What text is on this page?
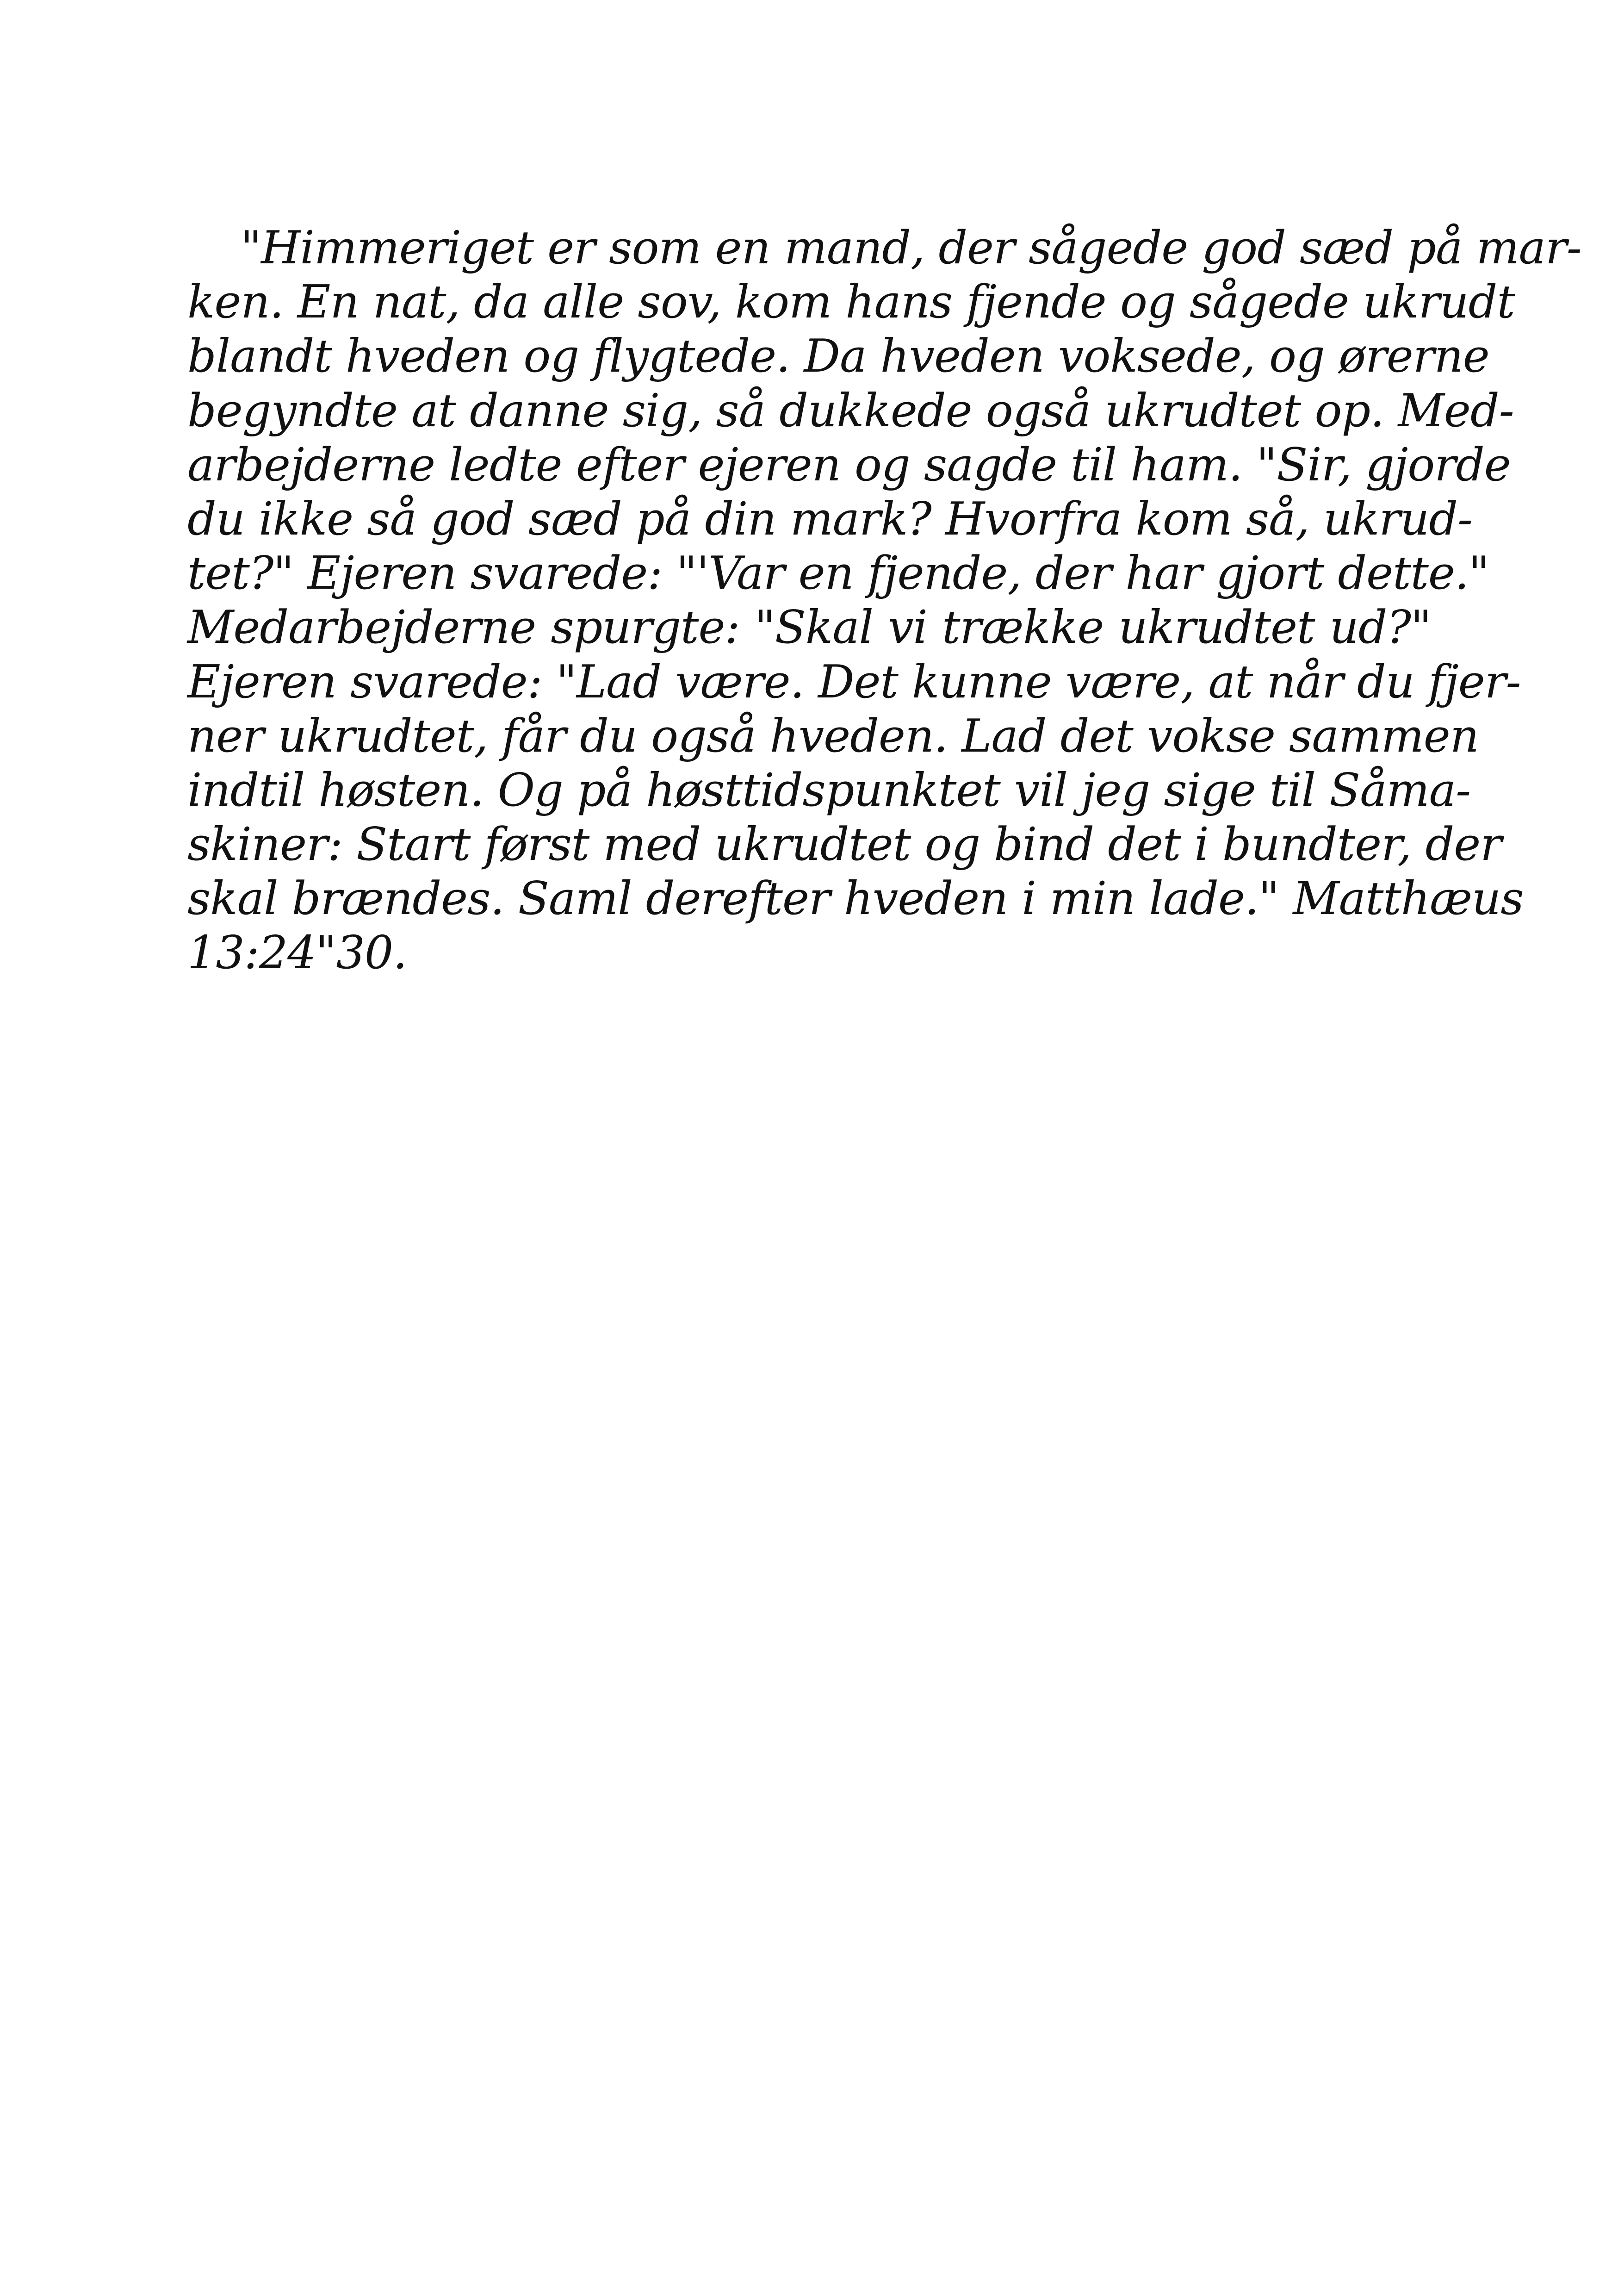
"Himmeriget er som en mand, der sågede god sæd på mar-
ken. En nat, da alle sov, kom hans fjende og sågede ukrudt
blandt hveden og flygtede. Da hveden voksede, og ørerne
begyndte at danne sig, så dukkede også ukrudtet op. Med-
arbejderne ledte efter ejeren og sagde til ham. "Sir, gjorde
du ikke så god sæd på din mark? Hvorfra kom så, ukrud-
tet?" Ejeren svarede: "'Var en fjende, der har gjort dette."
Medarbejderne spurgte: "Skal vi trække ukrudtet ud?"
Ejeren svarede: "Lad være. Det kunne være, at når du fjer-
ner ukrudtet, får du også hveden. Lad det vokse sammen
indtil høsten. Og på høsttidspunktet vil jeg sige til Såma-
skiner: Start først med ukrudtet og bind det i bundter, der
skal brændes. Saml derefter hveden i min lade." Matthæus
13:24"30.
